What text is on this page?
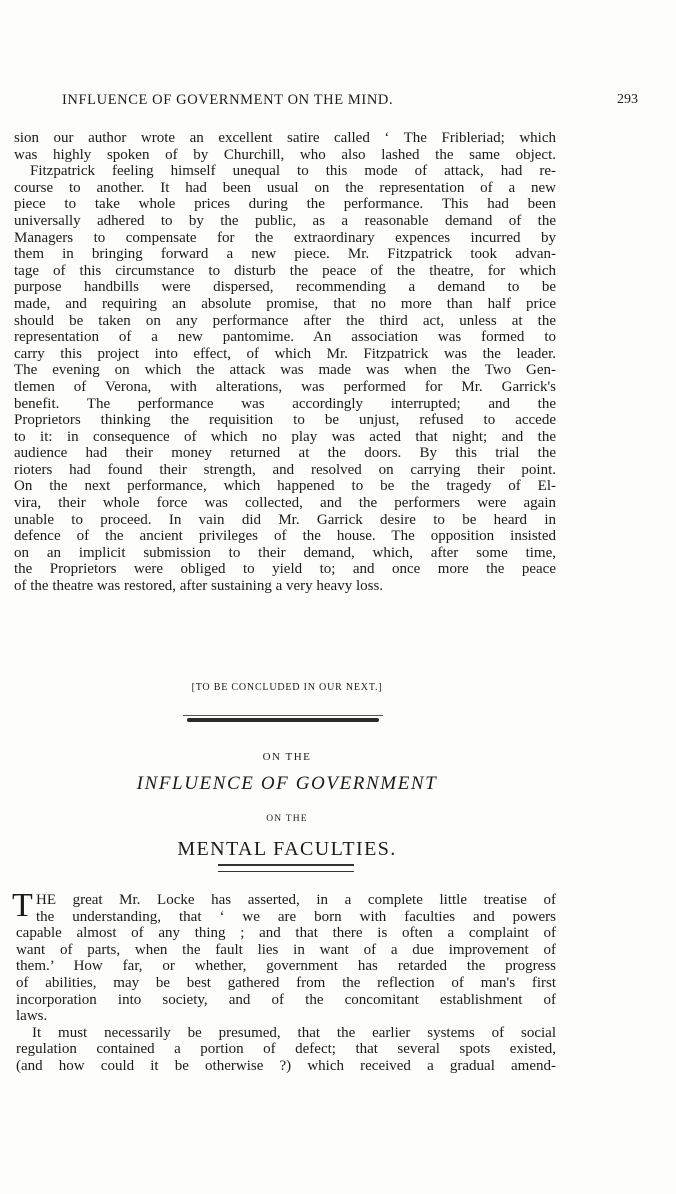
INFLUENCE OF GOVERNMENT ON THE MIND.	293
sion our author wrote an excellent satire called ‘ The Fribleriad; which
was highly spoken of by Churchill, who also lashed the same object.
Fitzpatrick feeling himself unequal to this mode of attack, had re-
course to another. It had been usual on the representation of a new
piece to take whole prices during the performance. This had been
universally adhered to by the public, as a reasonable demand of the
Managers to compensate for the extraordinary expences incurred by
them in bringing forward a new piece. Mr. Fitzpatrick took advan-
tage of this circumstance to disturb the peace of the theatre, for which
purpose handbills were dispersed, recommending a demand to be
made, and requiring an absolute promise, that no more than half price
should be taken on any performance after the third act, unless at the
representation of a new pantomime. An association was formed to
carry this project into effect, of which Mr. Fitzpatrick was the leader.
The evening on which the attack was made was when the Two Gen-
tlemen of Verona, with alterations, was performed for Mr. Garrick's
benefit. The performance was accordingly interrupted; and the
Proprietors thinking the requisition to be unjust, refused to accede
to it: in consequence of which no play was acted that night; and the
audience had their money returned at the doors. By this trial the
rioters had found their strength, and resolved on carrying their point.
On the next performance, which happened to be the tragedy of El-
vira, their whole force was collected, and the performers were again
unable to proceed. In vain did Mr. Garrick desire to be heard in
defence of the ancient privileges of the house. The opposition insisted
on an implicit submission to their demand, which, after some time,
the Proprietors were obliged to yield to; and once more the peace
of the theatre was restored, after sustaining a very heavy loss.
[TO BE CONCLUDED IN OUR NEXT.]
ON THE
INFLUENCE OF GOVERNMENT
ON THE
MENTAL FACULTIES.
T HE great Mr. Locke has asserted, in a complete little treatise of
the understanding, that ‘ we are born with faculties and powers
capable almost of any thing ; and that there is often a complaint of
want of parts, when the fault lies in want of a due improvement of
them.’ How far, or whether, government has retarded the progress
of abilities, may be best gathered from the reflection of man's first
incorporation into society, and of the concomitant establishment of
laws.
It must necessarily be presumed, that the earlier systems of social
regulation contained a portion of defect; that several spots existed,
(and how could it be otherwise ?) which received a gradual amend-
